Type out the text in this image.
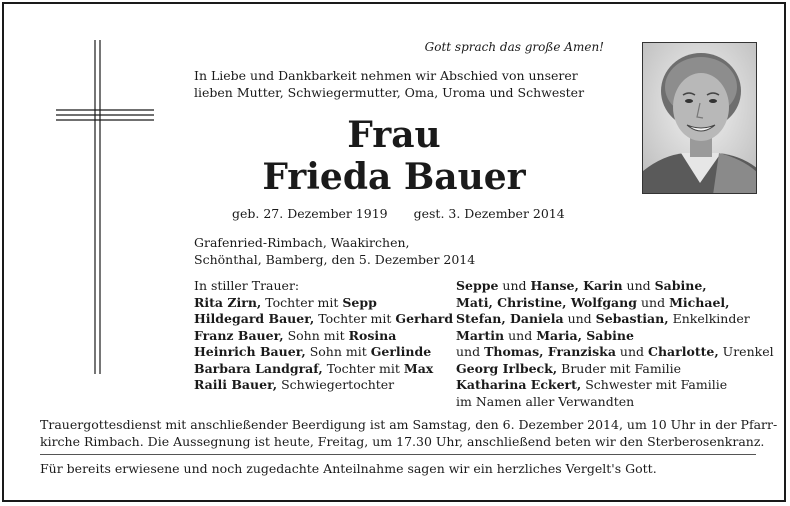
Gott sprach das große Amen!
In Liebe und Dankbarkeit nehmen wir Abschied von unserer
lieben Mutter, Schwiegermutter, Oma, Uroma und Schwester
Frau
Frieda Bauer
geb. 27. Dezember 1919 gest. 3. Dezember 2014
Grafenried-Rimbach, Waakirchen,
Schönthal, Bamberg, den 5. Dezember 2014
In stiller Trauer:
Rita Zirn, Tochter mit Sepp
Hildegard Bauer, Tochter mit Gerhard
Franz Bauer, Sohn mit Rosina
Heinrich Bauer, Sohn mit Gerlinde
Barbara Landgraf, Tochter mit Max
Raili Bauer, Schwiegertochter
Seppe und Hanse, Karin und Sabine,
Mati, Christine, Wolfgang und Michael,
Stefan, Daniela und Sebastian, Enkelkinder
Martin und Maria, Sabine
und Thomas, Franziska und Charlotte, Urenkel
Georg Irlbeck, Bruder mit Familie
Katharina Eckert, Schwester mit Familie
im Namen aller Verwandten
Trauergottesdienst mit anschließender Beerdigung ist am Samstag, den 6. Dezember 2014, um 10 Uhr in der Pfarr-
kirche Rimbach. Die Aussegnung ist heute, Freitag, um 17.30 Uhr, anschließend beten wir den Sterberosenkranz.
Für bereits erwiesene und noch zugedachte Anteilnahme sagen wir ein herzliches Vergelt's Gott.
